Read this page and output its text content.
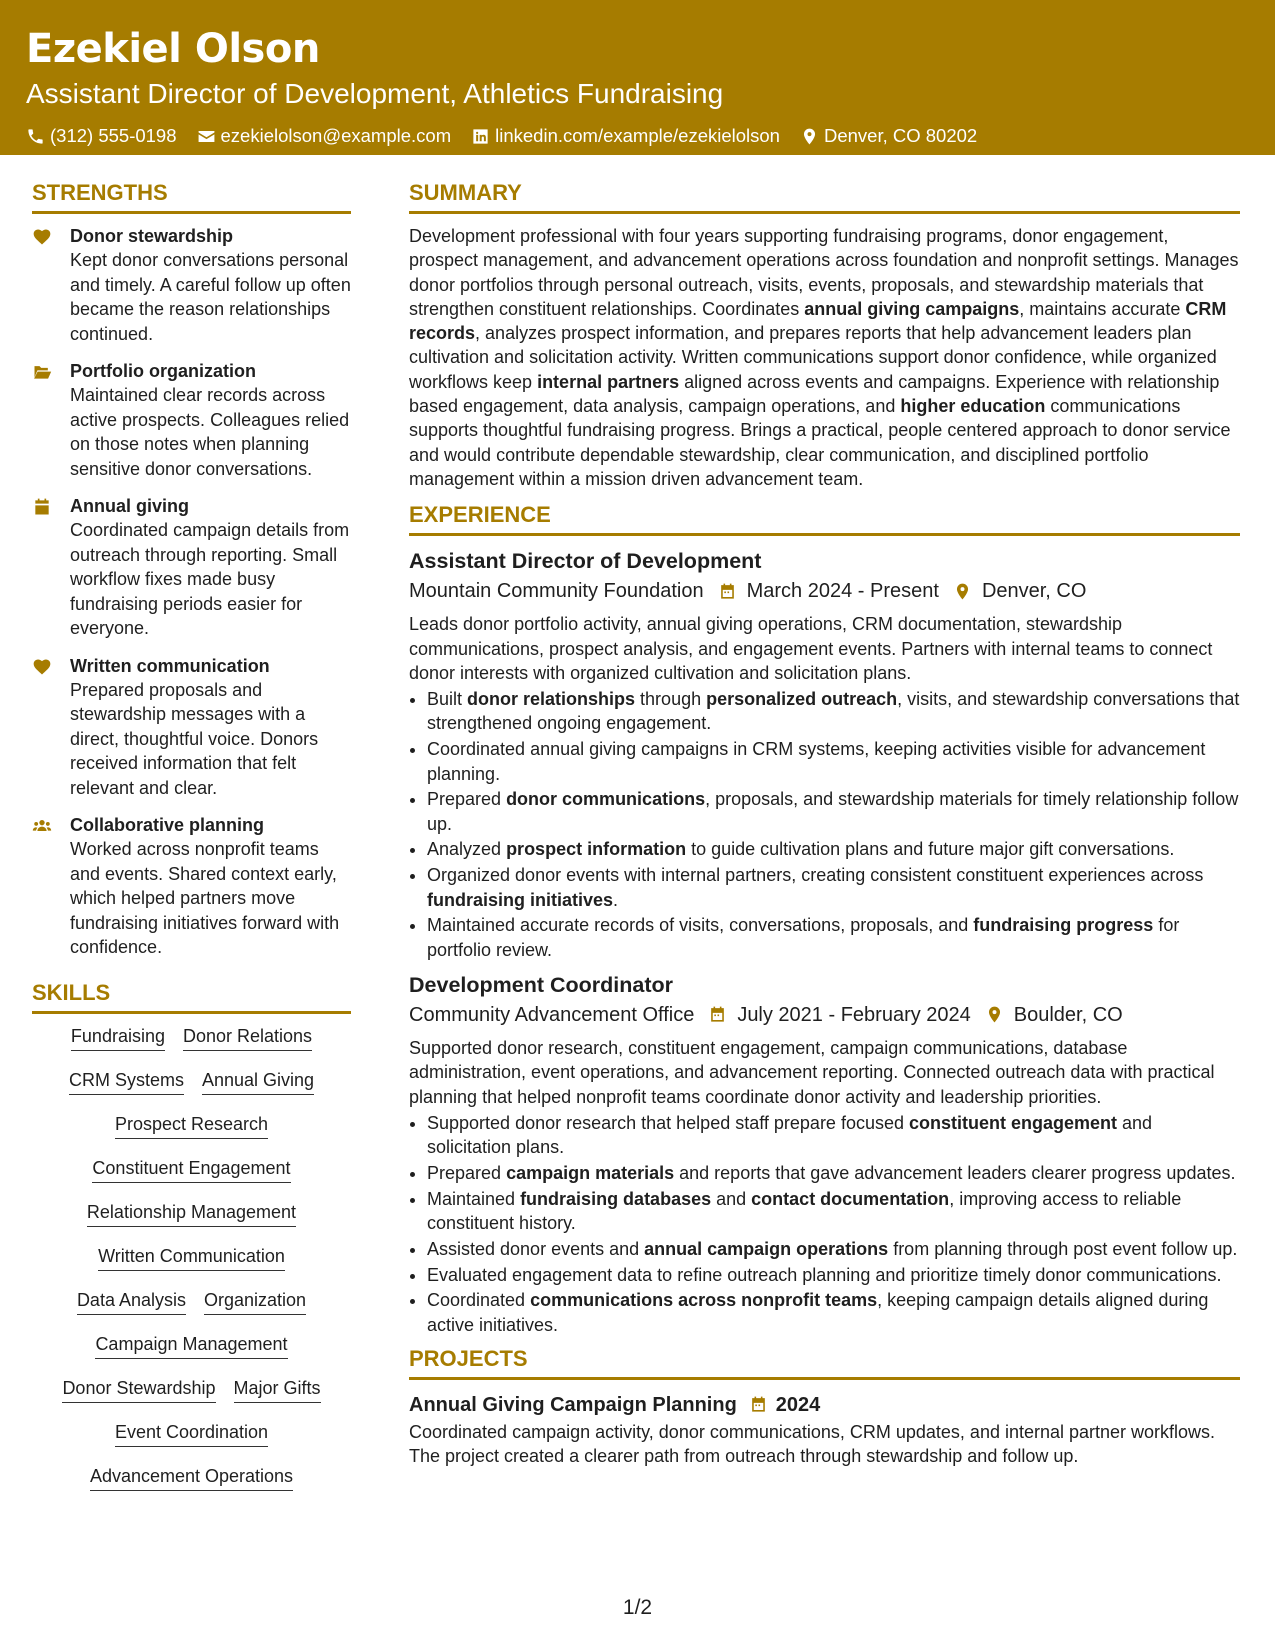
Ezekiel Olson
Assistant Director of Development, Athletics Fundraising
(312) 555-0198 ezekielolson@example.com linkedin.com/example/ezekielolson Denver, CO 80202
STRENGTHS
Donor stewardship
Kept donor conversations personal and timely. A careful follow up often became the reason relationships continued.
Portfolio organization
Maintained clear records across active prospects. Colleagues relied on those notes when planning sensitive donor conversations.
Annual giving
Coordinated campaign details from outreach through reporting. Small workflow fixes made busy fundraising periods easier for everyone.
Written communication
Prepared proposals and stewardship messages with a direct, thoughtful voice. Donors received information that felt relevant and clear.
Collaborative planning
Worked across nonprofit teams and events. Shared context early, which helped partners move fundraising initiatives forward with confidence.
SKILLS
Fundraising Donor Relations
CRM Systems Annual Giving
Prospect Research
Constituent Engagement
Relationship Management
Written Communication
Data Analysis Organization
Campaign Management
Donor Stewardship Major Gifts
Event Coordination
Advancement Operations
SUMMARY
Development professional with four years supporting fundraising programs, donor engagement, prospect management, and advancement operations across foundation and nonprofit settings. Manages donor portfolios through personal outreach, visits, events, proposals, and stewardship materials that strengthen constituent relationships. Coordinates annual giving campaigns, maintains accurate CRM records, analyzes prospect information, and prepares reports that help advancement leaders plan cultivation and solicitation activity. Written communications support donor confidence, while organized workflows keep internal partners aligned across events and campaigns. Experience with relationship based engagement, data analysis, campaign operations, and higher education communications supports thoughtful fundraising progress. Brings a practical, people centered approach to donor service and would contribute dependable stewardship, clear communication, and disciplined portfolio management within a mission driven advancement team.
EXPERIENCE
Assistant Director of Development
Mountain Community Foundation March 2024 - Present Denver, CO
Leads donor portfolio activity, annual giving operations, CRM documentation, stewardship communications, prospect analysis, and engagement events. Partners with internal teams to connect donor interests with organized cultivation and solicitation plans.
• Built donor relationships through personalized outreach, visits, and stewardship conversations that strengthened ongoing engagement.
• Coordinated annual giving campaigns in CRM systems, keeping activities visible for advancement planning.
• Prepared donor communications, proposals, and stewardship materials for timely relationship follow up.
• Analyzed prospect information to guide cultivation plans and future major gift conversations.
• Organized donor events with internal partners, creating consistent constituent experiences across fundraising initiatives.
• Maintained accurate records of visits, conversations, proposals, and fundraising progress for portfolio review.
Development Coordinator
Community Advancement Office July 2021 - February 2024 Boulder, CO
Supported donor research, constituent engagement, campaign communications, database administration, event operations, and advancement reporting. Connected outreach data with practical planning that helped nonprofit teams coordinate donor activity and leadership priorities.
• Supported donor research that helped staff prepare focused constituent engagement and solicitation plans.
• Prepared campaign materials and reports that gave advancement leaders clearer progress updates.
• Maintained fundraising databases and contact documentation, improving access to reliable constituent history.
• Assisted donor events and annual campaign operations from planning through post event follow up.
• Evaluated engagement data to refine outreach planning and prioritize timely donor communications.
• Coordinated communications across nonprofit teams, keeping campaign details aligned during active initiatives.
PROJECTS
Annual Giving Campaign Planning 2024
Coordinated campaign activity, donor communications, CRM updates, and internal partner workflows. The project created a clearer path from outreach through stewardship and follow up.
1/2
